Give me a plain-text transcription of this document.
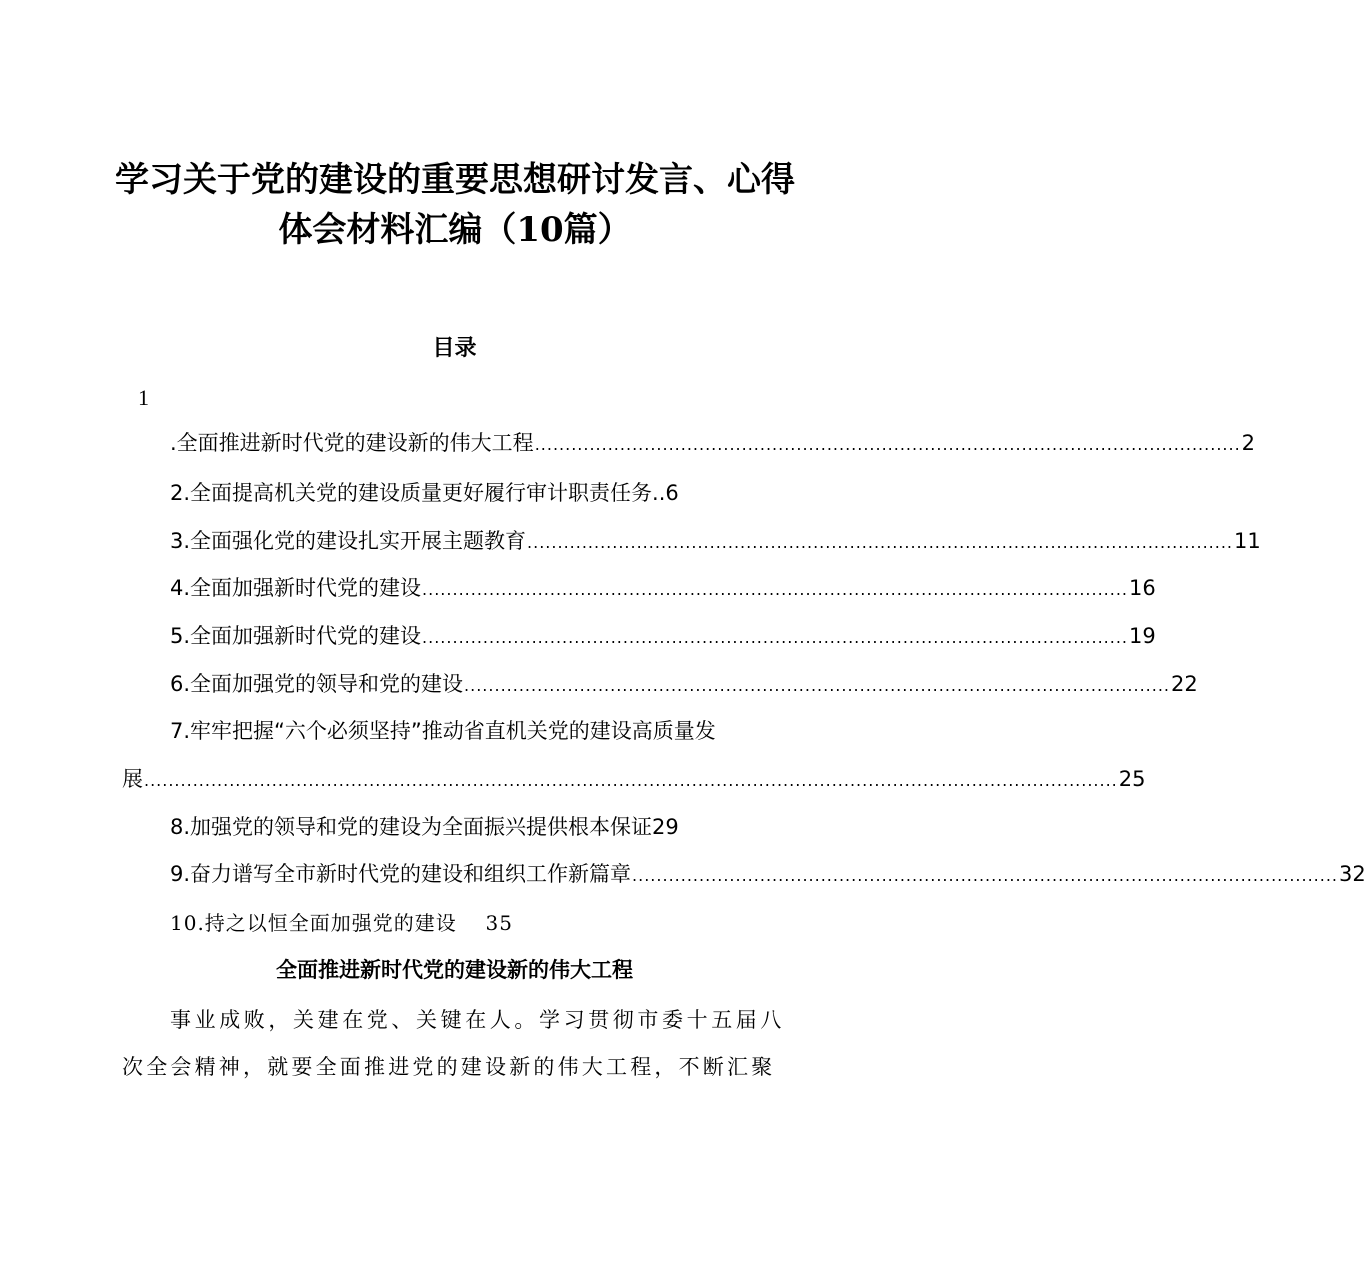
学习关于党的建设的重要思想研讨发言、心得
体会材料汇编（10篇）
目录
1
.全面推进新时代党的建设新的伟大工程 .................................................................................................................... 2
2.全面提高机关党的建设质量更好履行审计职责任务. .6
3.全面强化党的建设扎实开展主题教育 .................................................................................................................... 11
4.全面加强新时代党的建设 .................................................................................................................... 16
5.全面加强新时代党的建设 .................................................................................................................... 19
6.全面加强党的领导和党的建设 .................................................................................................................... 22
7.牢牢把握“六个必须坚持”推动省直机关党的建设高质量发
展 ................................................................................................................................................................ 25
8.加强党的领导和党的建设为全面振兴提供根本保证 29
9.奋力谱写全市新时代党的建设和组织工作新篇章 .................................................................................................................... 32
10.持之以恒全面加强党的建设 35
全面推进新时代党的建设新的伟大工程
事业成败，关建在党、关键在人。学习贯彻市委十五届八
次全会精神，就要全面推进党的建设新的伟大工程，不断汇聚
